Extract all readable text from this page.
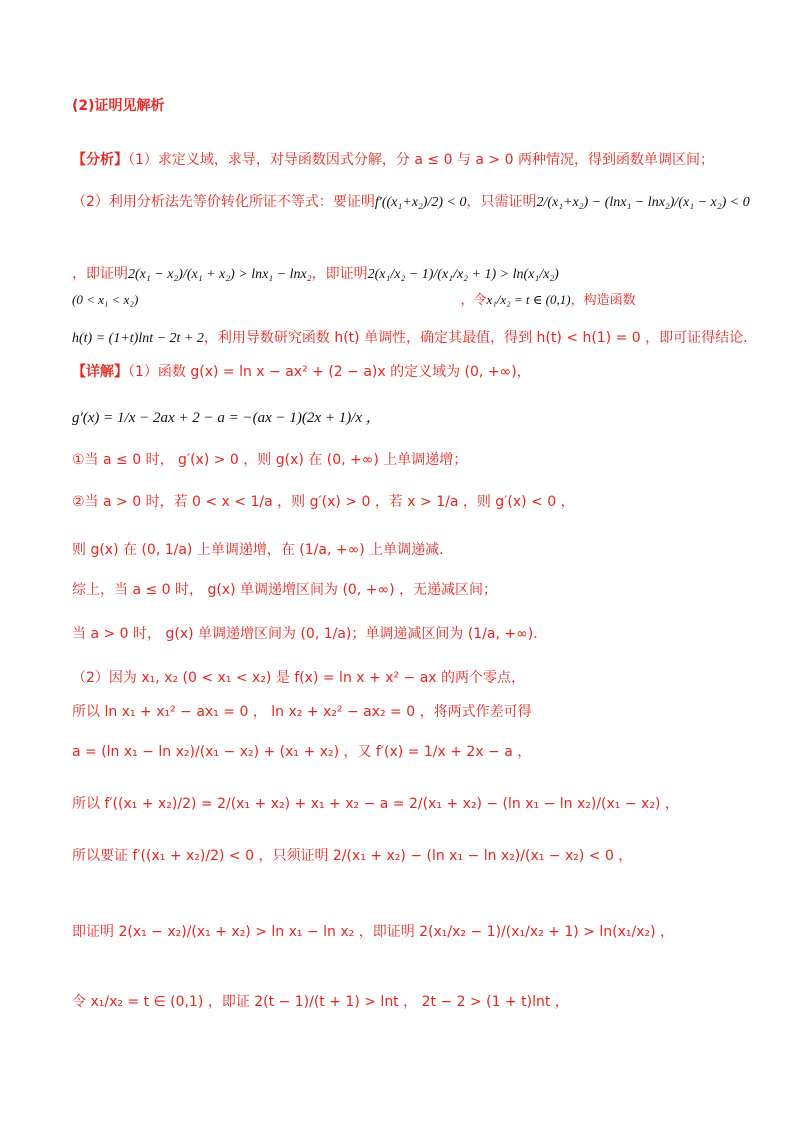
(2)证明见解析
【分析】（1）求定义域，求导，对导函数因式分解，分 a ≤ 0 与 a > 0 两种情况，得到函数单调区间；
（2）利用分析法先等价转化所证不等式：要证明f′((x₁+x₂)/2) < 0，只需证明2/(x₁+x₂) − (lnx₁ − lnx₂)/(x₁ − x₂) < 0
，即证明2(x₁ − x₂)/(x₁ + x₂) > lnx₁ − lnx₂，即证明2(x₁/x₂ − 1)/(x₁/x₂ + 1) > ln(x₁/x₂)
(0 < x₁ < x₂)	，令x₁/x₂ = t ∈ (0,1)，构造函数
h(t) = (1+t)lnt − 2t + 2，利用导数研究函数 h(t) 单调性，确定其最值，得到 h(t) < h(1) = 0 ，即可证得结论.
【详解】（1）函数 g(x) = ln x − ax² + (2 − a)x 的定义域为 (0, +∞)，
g′(x) = 1/x − 2ax + 2 − a = −(ax − 1)(2x + 1)/x ，
①当 a ≤ 0 时， g′(x) > 0 ，则 g(x) 在 (0, +∞) 上单调递增；
②当 a > 0 时，若 0 < x < 1/a ，则 g′(x) > 0 ，若 x > 1/a ，则 g′(x) < 0 ，
则 g(x) 在 (0, 1/a) 上单调递增，在 (1/a, +∞) 上单调递减.
综上，当 a ≤ 0 时， g(x) 单调递增区间为 (0, +∞) ，无递减区间；
当 a > 0 时， g(x) 单调递增区间为 (0, 1/a)；单调递减区间为 (1/a, +∞).
（2）因为 x₁, x₂ (0 < x₁ < x₂) 是 f(x) = ln x + x² − ax 的两个零点，
所以 ln x₁ + x₁² − ax₁ = 0 ， ln x₂ + x₂² − ax₂ = 0 ，将两式作差可得
a = (ln x₁ − ln x₂)/(x₁ − x₂) + (x₁ + x₂) ，又 f′(x) = 1/x + 2x − a ，
所以 f′((x₁ + x₂)/2) = 2/(x₁ + x₂) + x₁ + x₂ − a = 2/(x₁ + x₂) − (ln x₁ − ln x₂)/(x₁ − x₂) ，
所以要证 f′((x₁ + x₂)/2) < 0 ，只须证明 2/(x₁ + x₂) − (ln x₁ − ln x₂)/(x₁ − x₂) < 0 ，
即证明 2(x₁ − x₂)/(x₁ + x₂) > ln x₁ − ln x₂ ，即证明 2(x₁/x₂ − 1)/(x₁/x₂ + 1) > ln(x₁/x₂) ，
令 x₁/x₂ = t ∈ (0,1) ，即证 2(t − 1)/(t + 1) > lnt ， 2t − 2 > (1 + t)lnt ，
